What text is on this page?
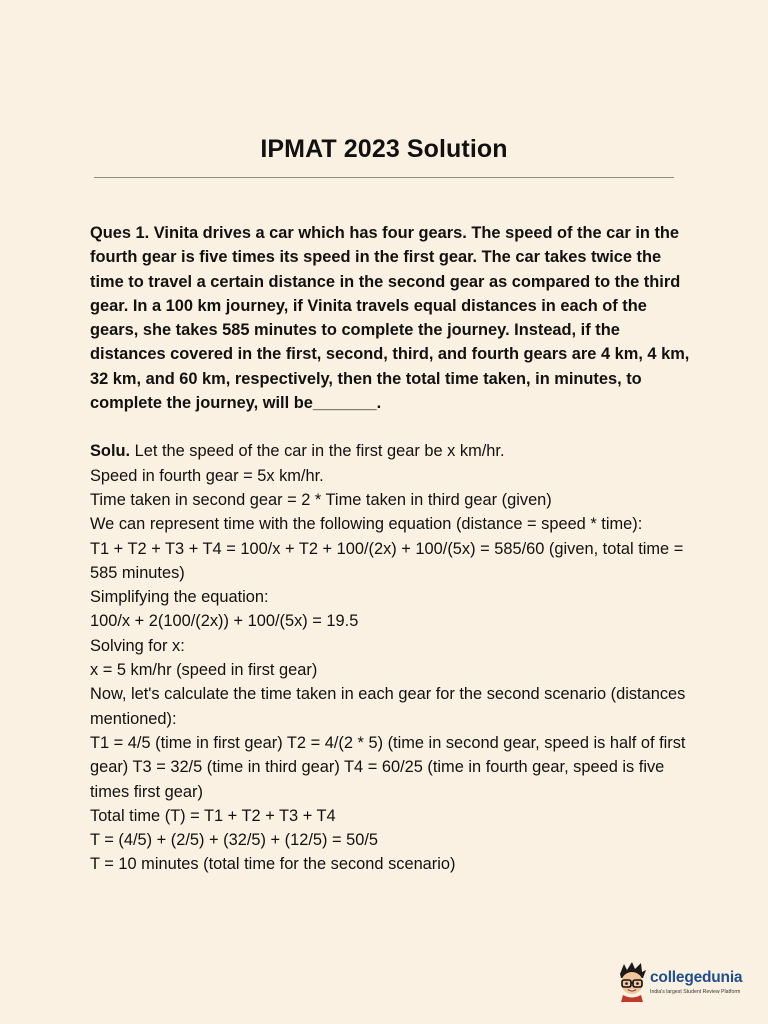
IPMAT 2023 Solution

Ques 1. Vinita drives a car which has four gears. The speed of the car in the fourth gear is five times its speed in the first gear. The car takes twice the time to travel a certain distance in the second gear as compared to the third gear. In a 100 km journey, if Vinita travels equal distances in each of the gears, she takes 585 minutes to complete the journey. Instead, if the distances covered in the first, second, third, and fourth gears are 4 km, 4 km, 32 km, and 60 km, respectively, then the total time taken, in minutes, to complete the journey, will be_______.

Solu. Let the speed of the car in the first gear be x km/hr.
Speed in fourth gear = 5x km/hr.
Time taken in second gear = 2 * Time taken in third gear (given)
We can represent time with the following equation (distance = speed * time):
T1 + T2 + T3 + T4 = 100/x + T2 + 100/(2x) + 100/(5x) = 585/60 (given, total time = 585 minutes)
Simplifying the equation:
100/x + 2(100/(2x)) + 100/(5x) = 19.5
Solving for x:
x = 5 km/hr (speed in first gear)
Now, let's calculate the time taken in each gear for the second scenario (distances mentioned):
T1 = 4/5 (time in first gear) T2 = 4/(2 * 5) (time in second gear, speed is half of first gear) T3 = 32/5 (time in third gear) T4 = 60/25 (time in fourth gear, speed is five times first gear)
Total time (T) = T1 + T2 + T3 + T4
T = (4/5) + (2/5) + (32/5) + (12/5) = 50/5
T = 10 minutes (total time for the second scenario)
collegedunia
India's largest Student Review Platform
